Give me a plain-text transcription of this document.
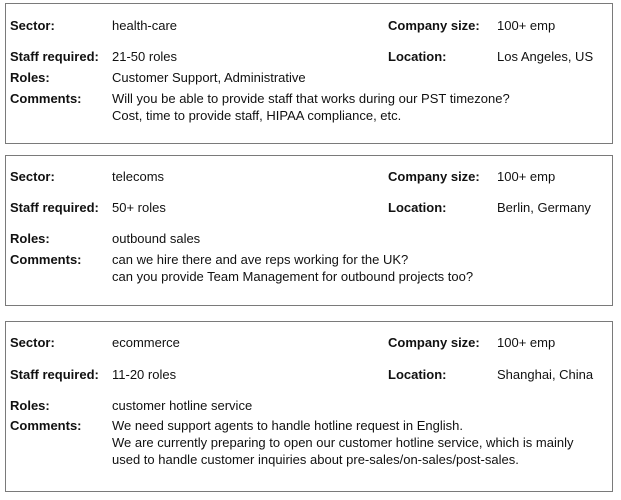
Sector:	health-care	Company size: 100+ emp
Staff required: 21-50 roles	Location:	Los Angeles, US
Roles:	Customer Support, Administrative
Comments: Will you be able to provide staff that works during our PST timezone?
Cost, time to provide staff, HIPAA compliance, etc.
Sector:	telecoms	Company size: 100+ emp
Staff required: 50+ roles	Location:	Berlin, Germany
Roles:	outbound sales
Comments: can we hire there and ave reps working for the UK?
can you provide Team Management for outbound projects too?
Sector:	ecommerce	Company size: 100+ emp
Staff required: 11-20 roles	Location:	Shanghai, China
Roles:	customer hotline service
Comments: We need support agents to handle hotline request in English.
We are currently preparing to open our customer hotline service, which is mainly
used to handle customer inquiries about pre-sales/on-sales/post-sales.
